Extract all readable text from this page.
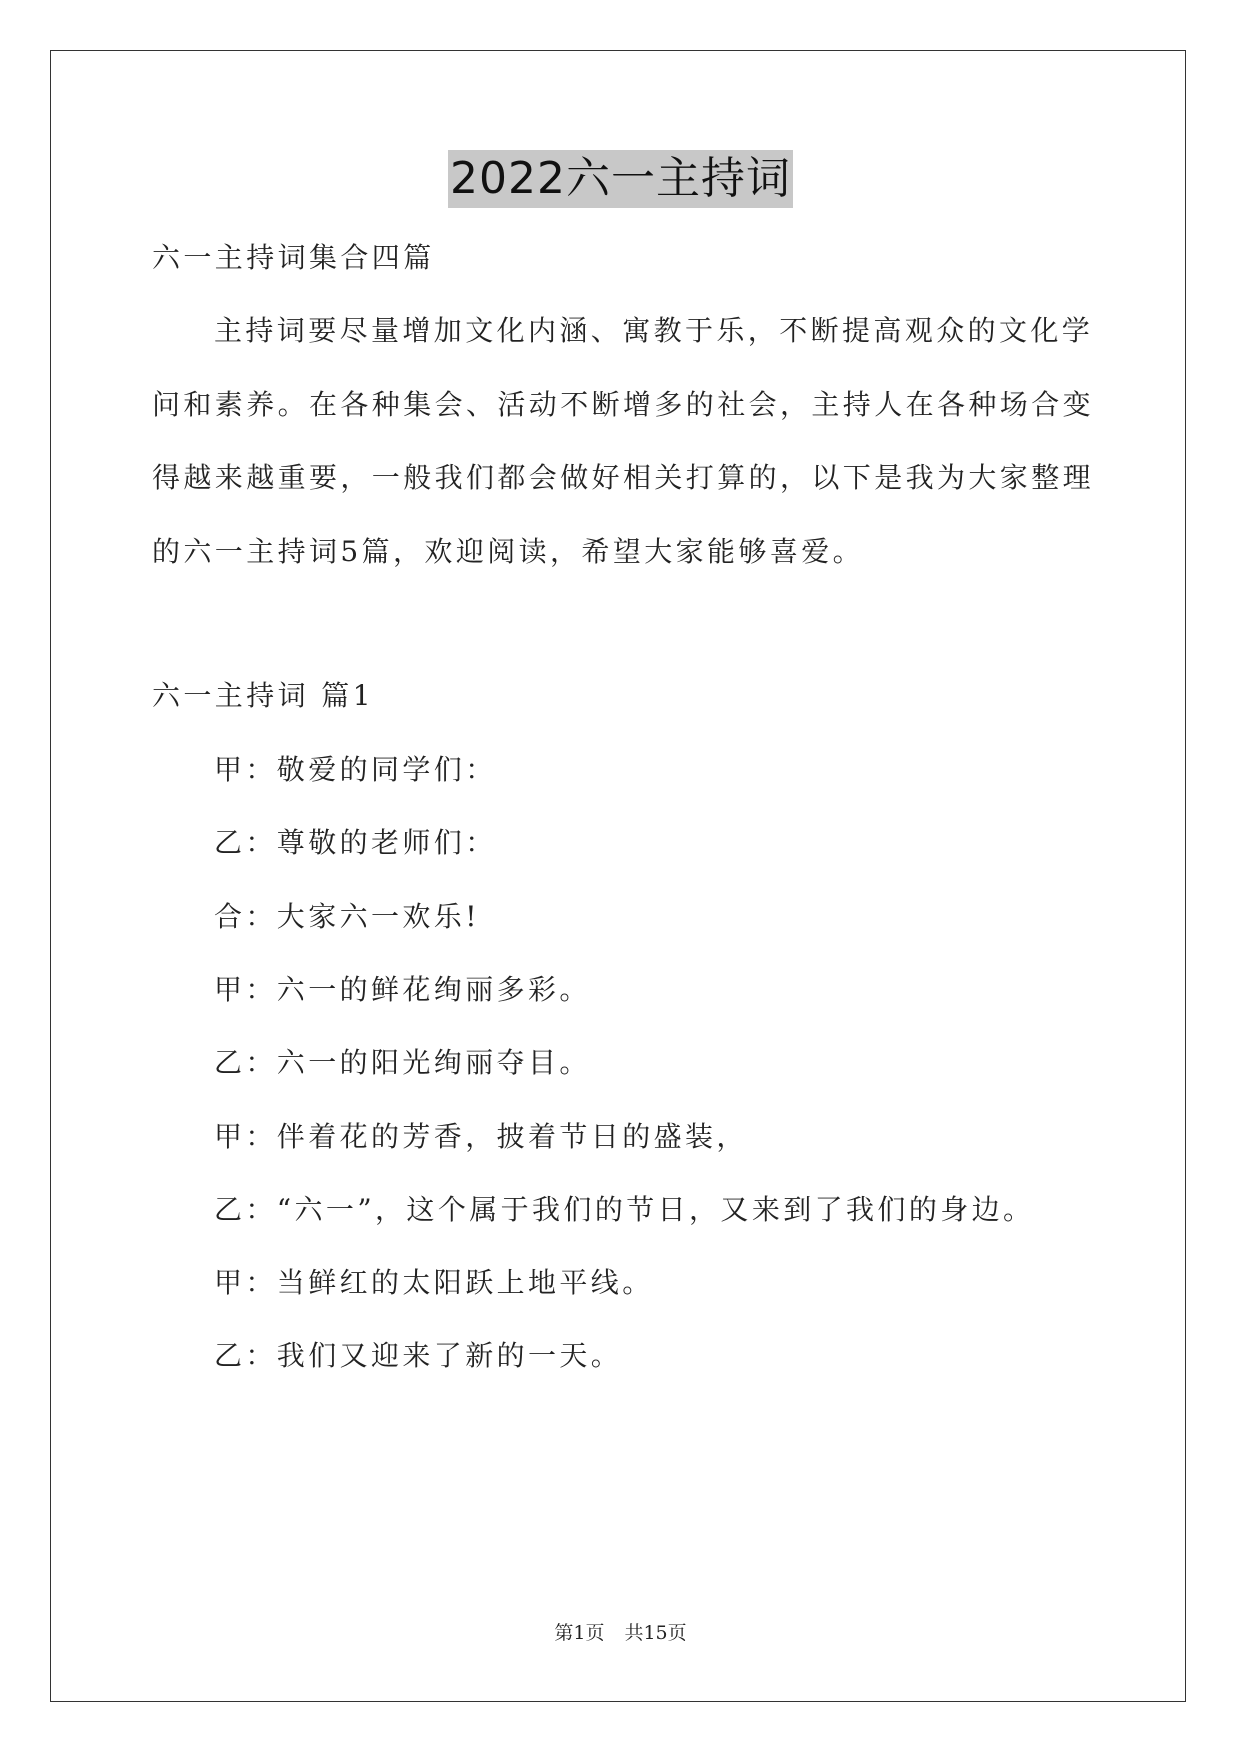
2022六一主持词
六一主持词集合四篇
主持词要尽量增加文化内涵、寓教于乐，不断提高观众的文化学
问和素养。在各种集会、活动不断增多的社会，主持人在各种场合变
得越来越重要，一般我们都会做好相关打算的，以下是我为大家整理
的六一主持词5篇，欢迎阅读，希望大家能够喜爱。
六一主持词 篇1
甲：敬爱的同学们：
乙：尊敬的老师们：
合：大家六一欢乐!
甲：六一的鲜花绚丽多彩。
乙：六一的阳光绚丽夺目。
甲：伴着花的芳香，披着节日的盛装，
乙：“六一”，这个属于我们的节日，又来到了我们的身边。
甲：当鲜红的太阳跃上地平线。
乙：我们又迎来了新的一天。
第1页 共15页
